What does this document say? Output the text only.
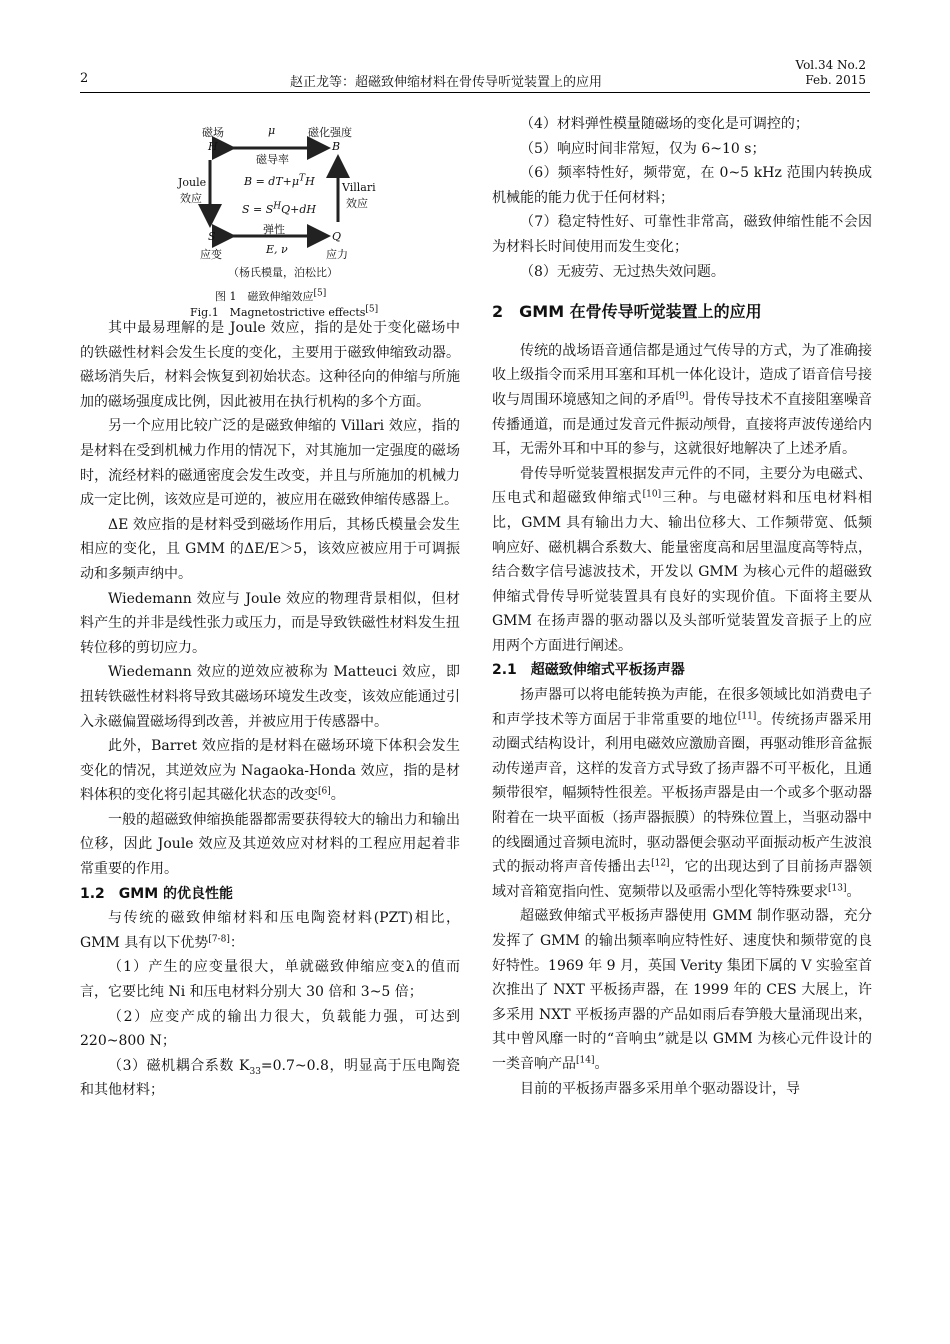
2	赵正龙等：超磁致伸缩材料在骨传导听觉装置上的应用
Vol.34 No.2
Feb. 2015
磁场
H
μ
磁导率
磁化强度
B
Joule
效应
$B = dT+\mu^TH$
$S = S^HQ+dH$
Villari
效应
S
应变
弹性
E, ν
Q
应力
（杨氏模量，泊松比）
图 1　磁致伸缩效应[5]
Fig.1　Magnetostrictive effects[5]

其中最易理解的是 Joule 效应，指的是处于变化磁场中的铁磁性材料会发生长度的变化，主要用于磁致伸缩致动器。磁场消失后，材料会恢复到初始状态。这种径向的伸缩与所施加的磁场强度成比例，因此被用在执行机构的多个方面。

另一个应用比较广泛的是磁致伸缩的 Villari 效应，指的是材料在受到机械力作用的情况下，对其施加一定强度的磁场时，流经材料的磁通密度会发生改变，并且与所施加的机械力成一定比例，该效应是可逆的，被应用在磁致伸缩传感器上。

ΔE 效应指的是材料受到磁场作用后，其杨氏模量会发生相应的变化，且 GMM 的ΔE/E＞5，该效应被应用于可调振动和多频声纳中。

Wiedemann 效应与 Joule 效应的物理背景相似，但材料产生的并非是线性张力或压力，而是导致铁磁性材料发生扭转位移的剪切应力。

Wiedemann 效应的逆效应被称为 Matteuci 效应，即扭转铁磁性材料将导致其磁场环境发生改变，该效应能通过引入永磁偏置磁场得到改善，并被应用于传感器中。

此外，Barret 效应指的是材料在磁场环境下体积会发生变化的情况，其逆效应为 Nagaoka-Honda 效应，指的是材料体积的变化将引起其磁化状态的改变[6]。

一般的超磁致伸缩换能器都需要获得较大的输出力和输出位移，因此 Joule 效应及其逆效应对材料的工程应用起着非常重要的作用。

1.2　GMM 的优良性能

与传统的磁致伸缩材料和压电陶瓷材料(PZT)相比，GMM 具有以下优势[7-8]：

（1）产生的应变量很大，单就磁致伸缩应变λ的值而言，它要比纯 Ni 和压电材料分别大 30 倍和 3~5 倍；

（2）应变产成的输出力很大，负载能力强，可达到 220~800 N；

（3）磁机耦合系数 $K_{33}=0.7\sim 0.8$，明显高于压电陶瓷和其他材料；

（4）材料弹性模量随磁场的变化是可调控的；

（5）响应时间非常短，仅为 6~10 s；

（6）频率特性好，频带宽，在 0~5 kHz 范围内转换成机械能的能力优于任何材料；

（7）稳定特性好、可靠性非常高，磁致伸缩性能不会因为材料长时间使用而发生变化；

（8）无疲劳、无过热失效问题。

2　GMM 在骨传导听觉装置上的应用

传统的战场语音通信都是通过气传导的方式，为了准确接收上级指令而采用耳塞和耳机一体化设计，造成了语音信号接收与周围环境感知之间的矛盾[9]。骨传导技术不直接阻塞噪音传播通道，而是通过发音元件振动颅骨，直接将声波传递给内耳，无需外耳和中耳的参与，这就很好地解决了上述矛盾。

骨传导听觉装置根据发声元件的不同，主要分为电磁式、压电式和超磁致伸缩式[10]三种。与电磁材料和压电材料相比，GMM 具有输出力大、输出位移大、工作频带宽、低频响应好、磁机耦合系数大、能量密度高和居里温度高等特点，结合数字信号滤波技术，开发以 GMM 为核心元件的超磁致伸缩式骨传导听觉装置具有良好的实现价值。下面将主要从 GMM 在扬声器的驱动器以及头部听觉装置发音振子上的应用两个方面进行阐述。

2.1　超磁致伸缩式平板扬声器

扬声器可以将电能转换为声能，在很多领域比如消费电子和声学技术等方面居于非常重要的地位[11]。传统扬声器采用动圈式结构设计，利用电磁效应激励音圈，再驱动锥形音盆振动传递声音，这样的发音方式导致了扬声器不可平板化，且通频带很窄，幅频特性很差。平板扬声器是由一个或多个驱动器附着在一块平面板（扬声器振膜）的特殊位置上，当驱动器中的线圈通过音频电流时，驱动器便会驱动平面振动板产生波浪式的振动将声音传播出去[12]，它的出现达到了目前扬声器领域对音箱宽指向性、宽频带以及亟需小型化等特殊要求[13]。

超磁致伸缩式平板扬声器使用 GMM 制作驱动器，充分发挥了 GMM 的输出频率响应特性好、速度快和频带宽的良好特性。1969 年 9 月，英国 Verity 集团下属的 V 实验室首次推出了 NXT 平板扬声器，在 1999 年的 CES 大展上，许多采用 NXT 平板扬声器的产品如雨后春笋般大量涌现出来，其中曾风靡一时的“音响虫”就是以 GMM 为核心元件设计的一类音响产品[14]。

目前的平板扬声器多采用单个驱动器设计，导
